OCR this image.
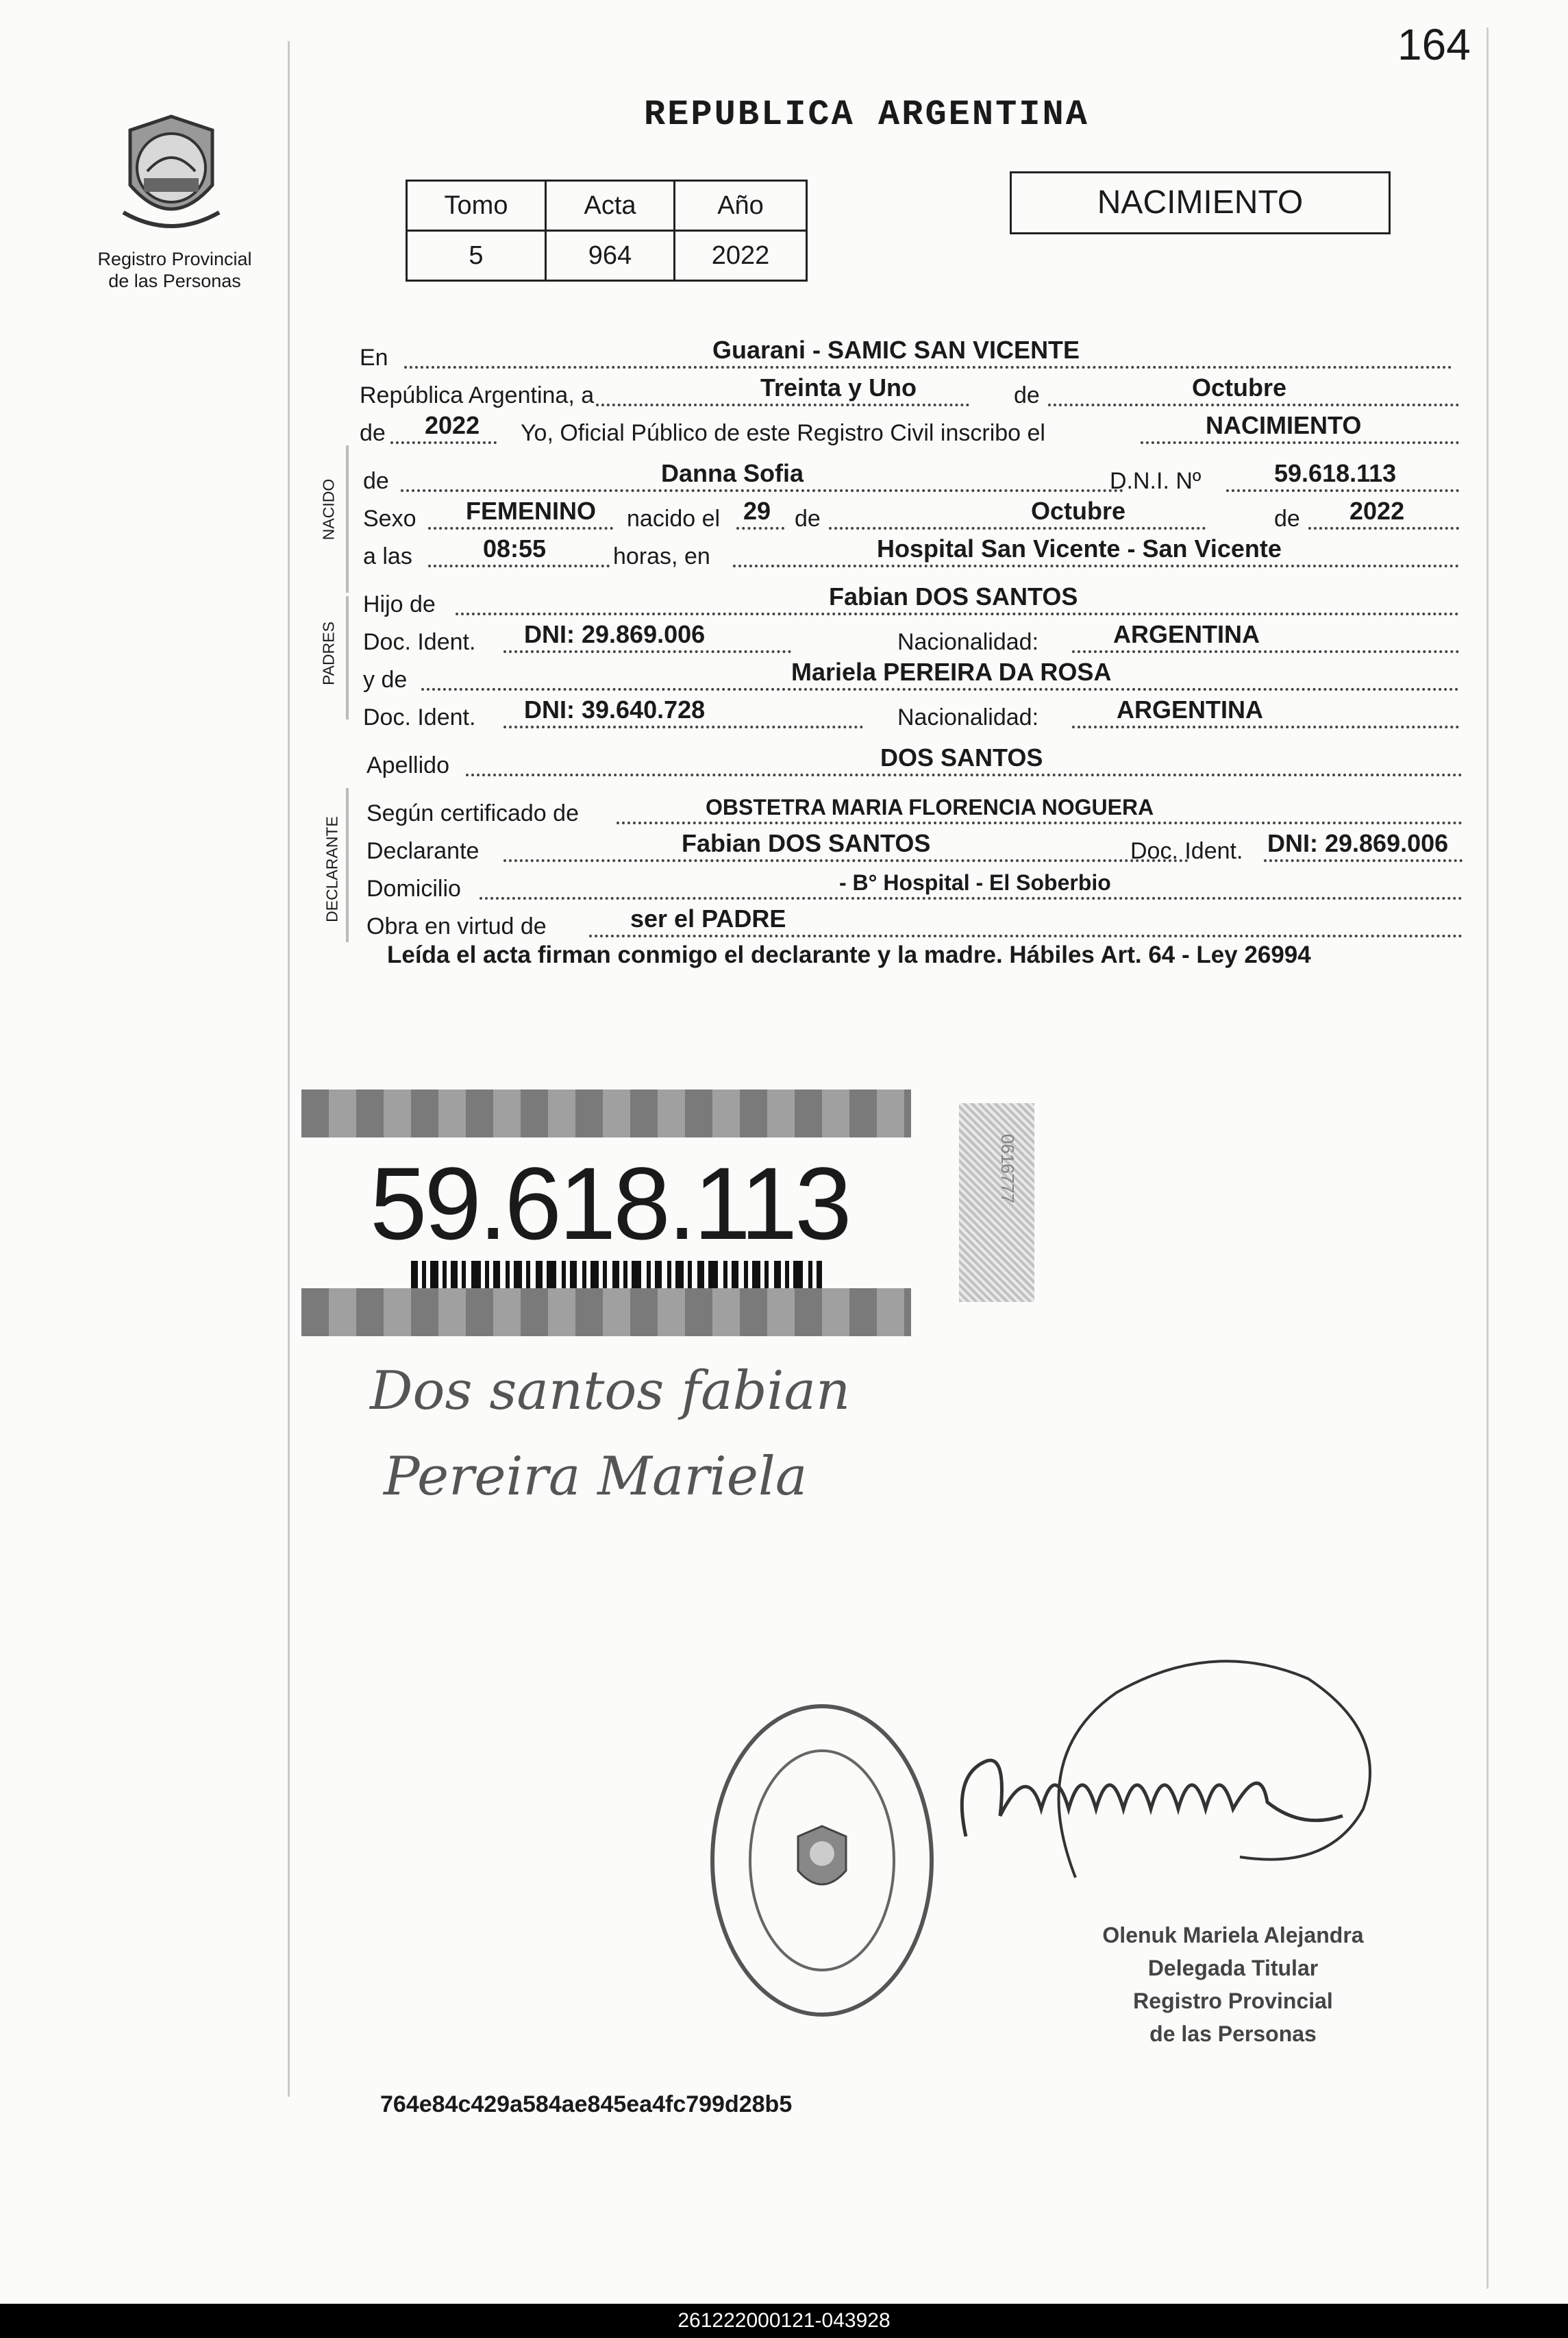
164
REPUBLICA ARGENTINA
Registro Provincial
de las Personas
Tomo	Acta	Año
5	964	2022
NACIMIENTO
En	Guarani - SAMIC SAN VICENTE
República Argentina, a	Treinta y Uno	de	Octubre
de 2022 Yo, Oficial Público de este Registro Civil inscribo el	NACIMIENTO
NACIDO de	Danna Sofia	D.N.I. Nº	59.618.113
Sexo FEMENINO nacido el 29 de	Octubre	de 2022
a las	08:55	horas, en	Hospital San Vicente - San Vicente
PADRES
Hijo de	Fabian DOS SANTOS
Doc. Ident. DNI: 29.869.006	Nacionalidad:	ARGENTINA
y de	Mariela PEREIRA DA ROSA
Doc. Ident. DNI: 39.640.728	Nacionalidad:	ARGENTINA
Apellido	DOS SANTOS
DECLARANTE
Según certificado de	OBSTETRA MARIA FLORENCIA NOGUERA
Declarante	Fabian DOS SANTOS	Doc. Ident. DNI: 29.869.006
Domicilio	- B° Hospital - El Soberbio
Obra en virtud de	ser el PADRE
Leída el acta firman conmigo el declarante y la madre. Hábiles Art. 64 - Ley 26994
59.618.113	0616777
Dos santos fabian
Pereira Mariela
Olenuk Mariela Alejandra
Delegada Titular
Registro Provincial
de las Personas
764e84c429a584ae845ea4fc799d28b5
261222000121-043928
